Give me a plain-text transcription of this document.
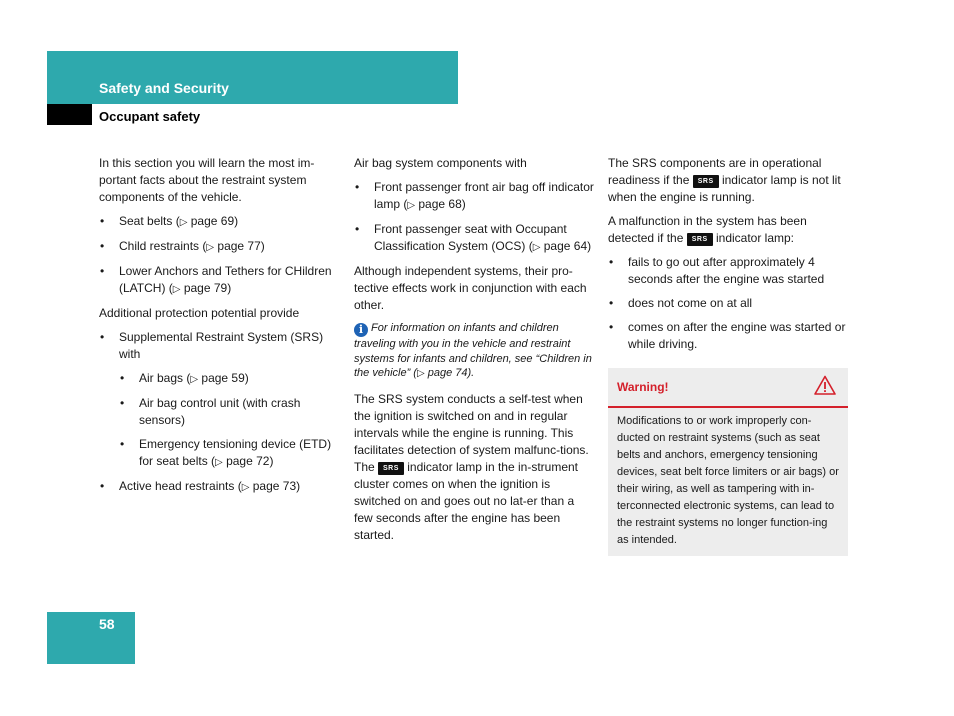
Safety and Security
Occupant safety

In this section you will learn the most im-portant facts about the restraint system components of the vehicle.

• Seat belts (▷ page 69)
• Child restraints (▷ page 77)
• Lower Anchors and Tethers for CHildren (LATCH) (▷ page 79)

Additional protection potential provide

• Supplemental Restraint System (SRS) with
• Air bags (▷ page 59)
• Air bag control unit (with crash sensors)
• Emergency tensioning device (ETD) for seat belts (▷ page 72)
• Active head restraints (▷ page 73)

Air bag system components with

• Front passenger front air bag off indicator lamp (▷ page 68)
• Front passenger seat with Occupant Classification System (OCS) (▷ page 64)

Although independent systems, their pro-tective effects work in conjunction with each other.

i For information on infants and children traveling with you in the vehicle and restraint systems for infants and children, see “Children in the vehicle” (▷ page 74).

The SRS system conducts a self-test when the ignition is switched on and in regular intervals while the engine is running. This facilitates detection of system malfunc-tions. The SRS indicator lamp in the in-strument cluster comes on when the ignition is switched on and goes out no lat-er than a few seconds after the engine has been started.

The SRS components are in operational readiness if the SRS indicator lamp is not lit when the engine is running.

A malfunction in the system has been detected if the SRS indicator lamp:

• fails to go out after approximately 4 seconds after the engine was started
• does not come on at all
• comes on after the engine was started or while driving.
Warning!
Modifications to or work improperly con-ducted on restraint systems (such as seat belts and anchors, emergency tensioning devices, seat belt force limiters or air bags) or their wiring, as well as tampering with in-terconnected electronic systems, can lead to the restraint systems no longer function-ing as intended.
58
